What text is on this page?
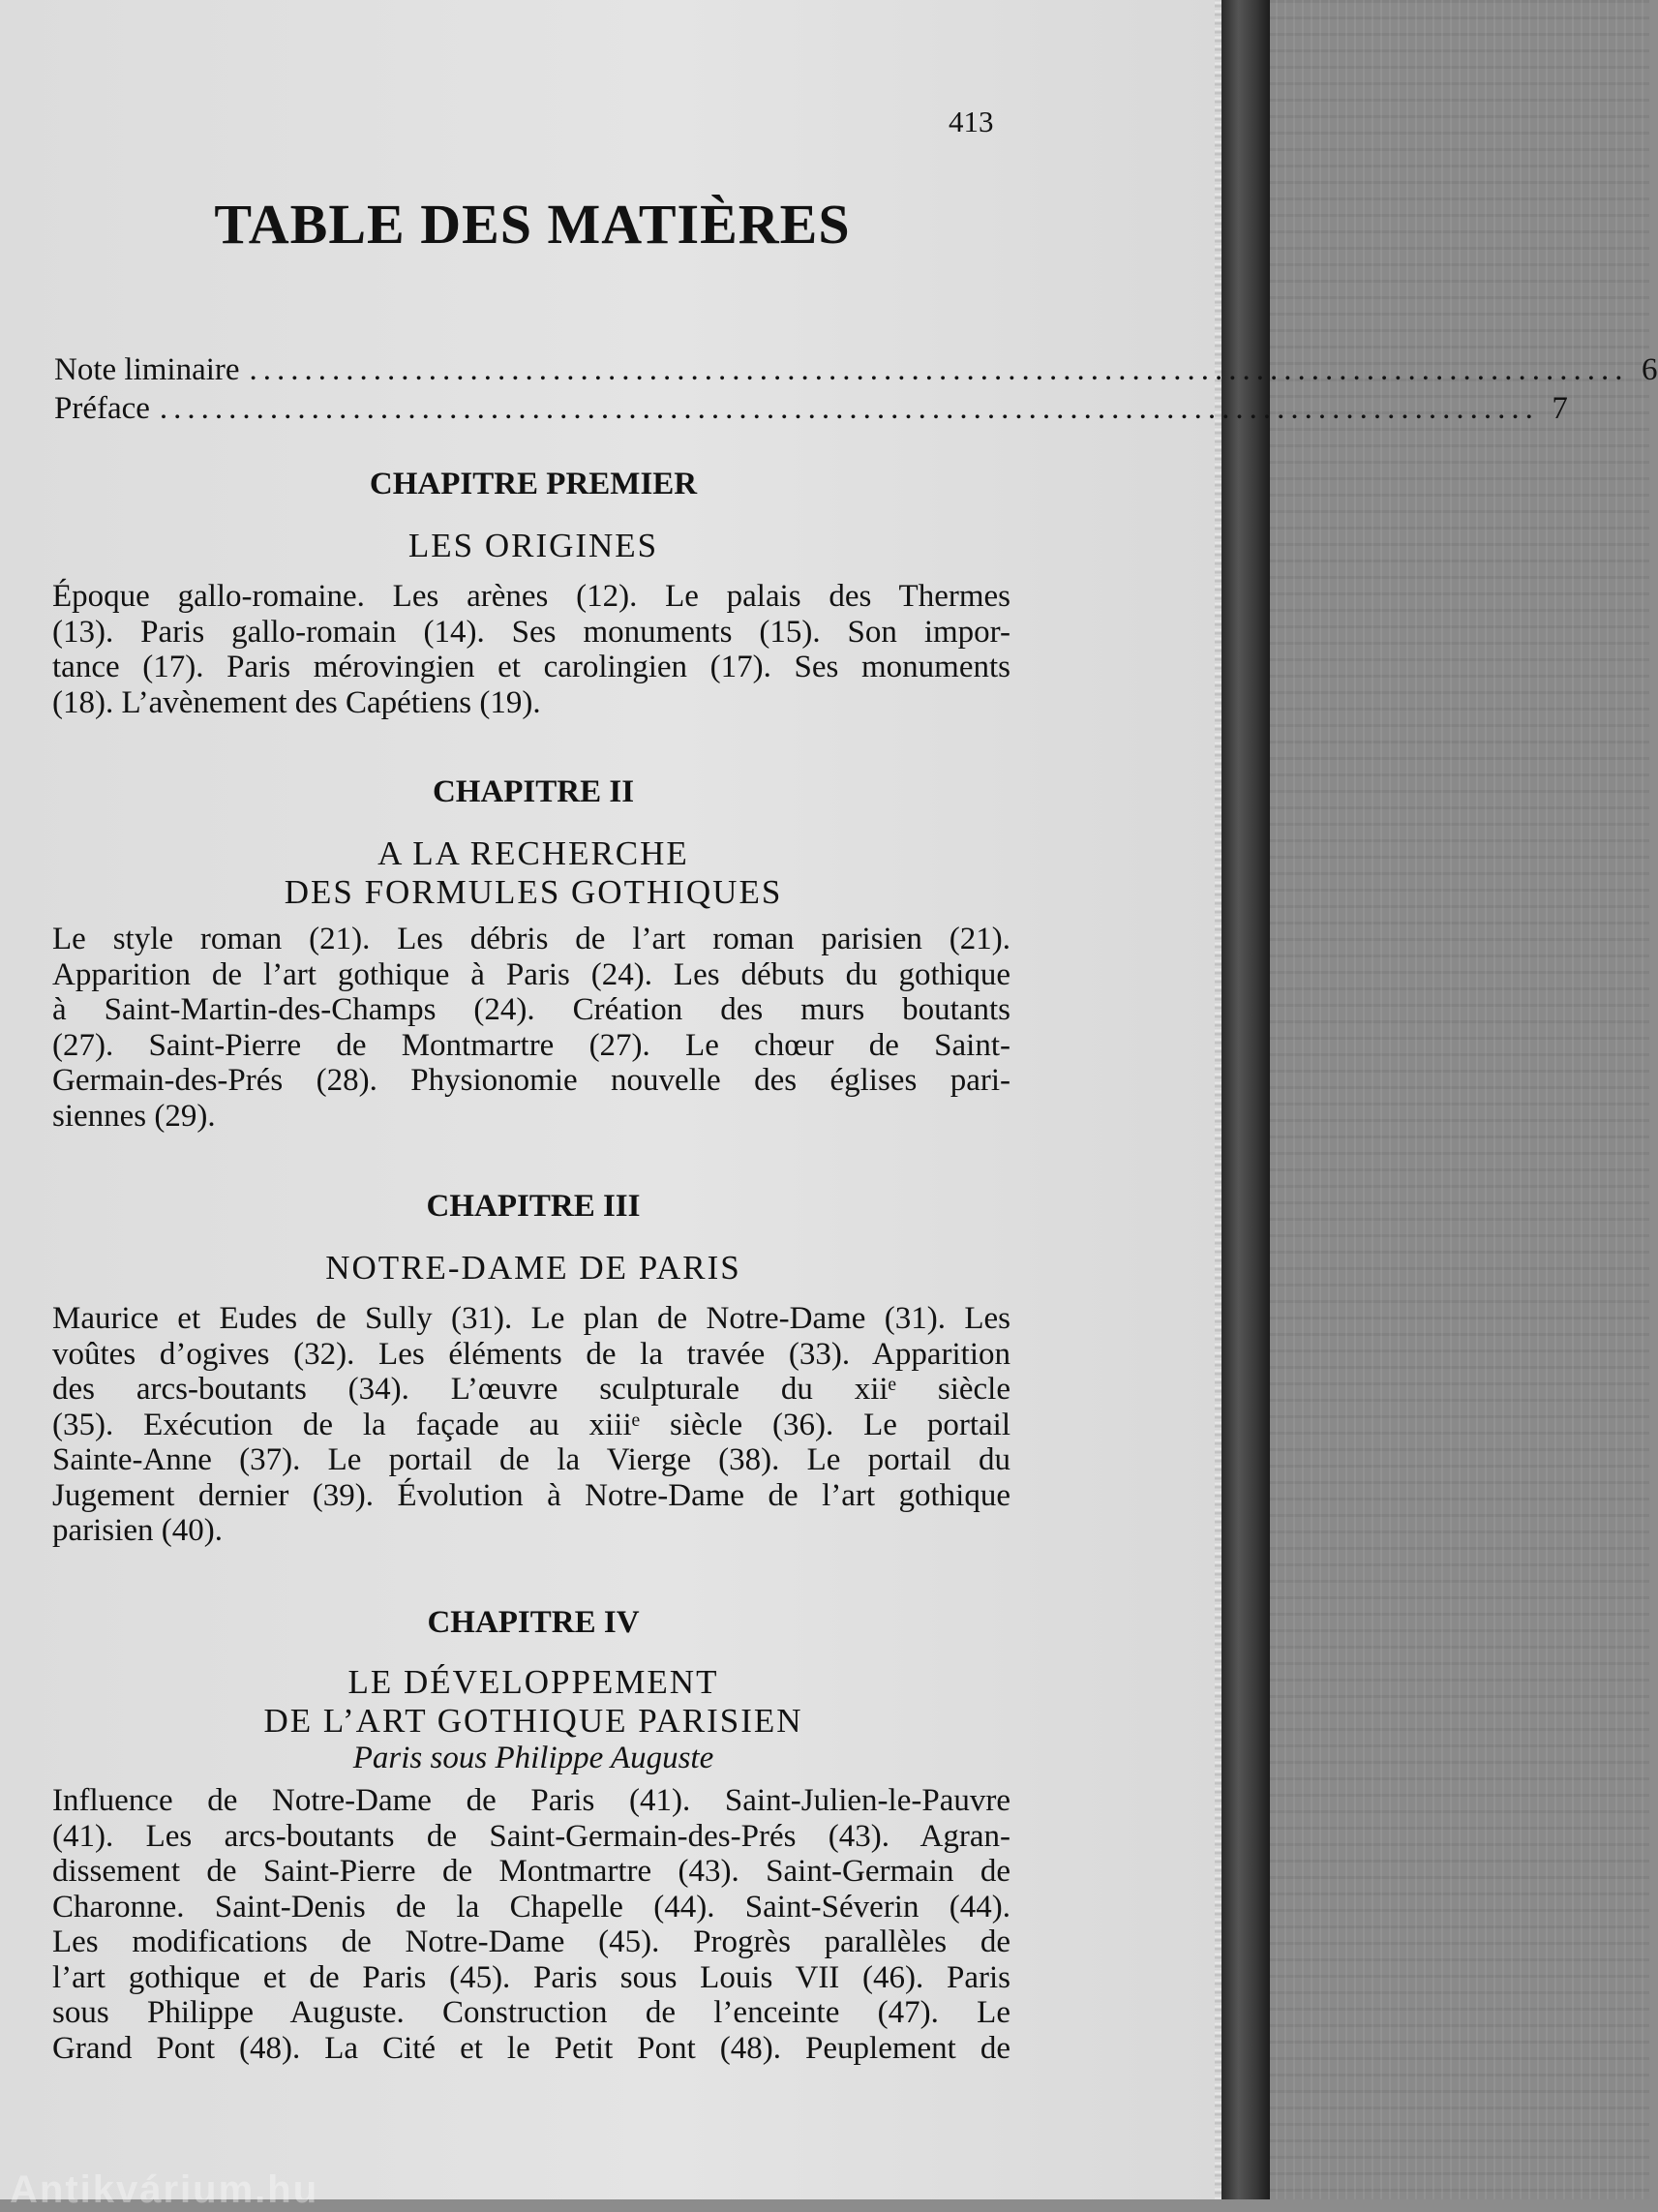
413
TABLE DES MATIÈRES
Note liminaire .................................................................................................... 6
Préface .................................................................................................... 7
CHAPITRE PREMIER
LES ORIGINES
Époque gallo-romaine. Les arènes (12). Le palais des Thermes
(13). Paris gallo-romain (14). Ses monuments (15). Son impor-
tance (17). Paris mérovingien et carolingien (17). Ses monuments
(18). L’avènement des Capétiens (19).
CHAPITRE II
A LA RECHERCHE
DES FORMULES GOTHIQUES
Le style roman (21). Les débris de l’art roman parisien (21).
Apparition de l’art gothique à Paris (24). Les débuts du gothique
à Saint-Martin-des-Champs (24). Création des murs boutants
(27). Saint-Pierre de Montmartre (27). Le chœur de Saint-
Germain-des-Prés (28). Physionomie nouvelle des églises pari-
siennes (29).
CHAPITRE III
NOTRE-DAME DE PARIS
Maurice et Eudes de Sully (31). Le plan de Notre-Dame (31). Les
voûtes d’ogives (32). Les éléments de la travée (33). Apparition
des arcs-boutants (34). L’œuvre sculpturale du xiiᵉ siècle
(35). Exécution de la façade au xiiiᵉ siècle (36). Le portail
Sainte-Anne (37). Le portail de la Vierge (38). Le portail du
Jugement dernier (39). Évolution à Notre-Dame de l’art gothique
parisien (40).
CHAPITRE IV
LE DÉVELOPPEMENT
DE L’ART GOTHIQUE PARISIEN
Paris sous Philippe Auguste
Influence de Notre-Dame de Paris (41). Saint-Julien-le-Pauvre
(41). Les arcs-boutants de Saint-Germain-des-Prés (43). Agran-
dissement de Saint-Pierre de Montmartre (43). Saint-Germain de
Charonne. Saint-Denis de la Chapelle (44). Saint-Séverin (44).
Les modifications de Notre-Dame (45). Progrès parallèles de
l’art gothique et de Paris (45). Paris sous Louis VII (46). Paris
sous Philippe Auguste. Construction de l’enceinte (47). Le
Grand Pont (48). La Cité et le Petit Pont (48). Peuplement de
Antikvárium.hu
